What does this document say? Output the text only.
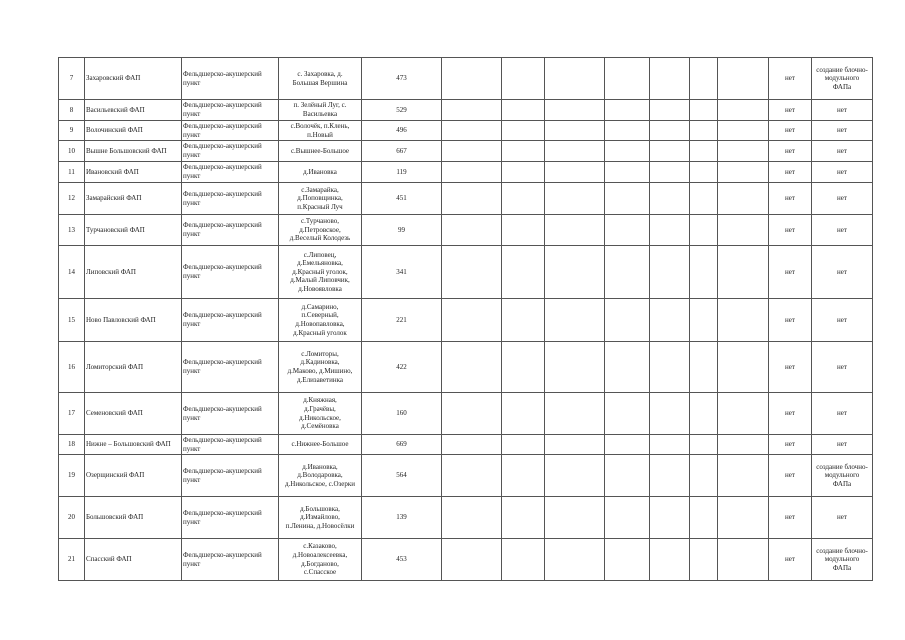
7	Захаровский ФАП	Фельдшерско-акушерский пункт	с. Захаровка, д.
Большая Вершина	473								нет	создание блочно-
модульного
ФАПа

8	Васильевский ФАП	Фельдшерско-акушерский пункт	п. Зелёный Луг, с.
Васильевка	529								нет	нет

9	Волочинский ФАП	Фельдшерско-акушерский пункт	с.Волочёк, п.Клень,
п.Новый	496								нет	нет

10	Вышне Большовский ФАП	Фельдшерско-акушерский пункт	с.Вышнее-Большое	667								нет	нет

11	Ивановский ФАП	Фельдшерско-акушерский пункт	д.Ивановка	119								нет	нет

12	Замарайский ФАП	Фельдшерско-акушерский пункт	с.Замарайка,
д.Поповщинка,
п.Красный Луч	451								нет	нет

13	Турчановский ФАП	Фельдшерско-акушерский пункт	с.Турчаново,
д.Петровское,
д.Веселый Колодезь	99								нет	нет

14	Липовский ФАП	Фельдшерско-акушерский пункт	с.Липовец,
д.Емельяновка,
д.Красный уголок,
д.Малый Липовчик,
д.Новоявловка	341								нет	нет

15	Ново Павловский ФАП	Фельдшерско-акушерский пункт	д.Самарино,
п.Северный,
д.Новопавловка,
д.Красный уголок	221								нет	нет

16	Ломиторский ФАП	Фельдшерско-акушерский пункт	с.Ломиторы,
д.Кадиновка,
д.Маково, д.Мишино,
д.Елизаветинка	422								нет	нет

17	Семеновский ФАП	Фельдшерско-акушерский пункт	д.Княжная,
д.Грачёвы,
д.Никольское,
д.Семёновка	160								нет	нет

18	Нижне – Большовский ФАП	Фельдшерско-акушерский пункт	с.Нижнее-Большое	669								нет	нет

19	Озерщинский ФАП	Фельдшерско-акушерский пункт	д.Ивановка,
д.Володаровка,
д.Никольское, с.Озерки	564								нет	создание блочно-
модульного
ФАПа

20	Большовский ФАП	Фельдшерско-акушерский пункт	д.Большовка,
д.Измайлово,
п.Ленина, д.Новосёлки	139								нет	нет

21	Спасский ФАП	Фельдшерско-акушерский пункт	с.Казаково,
д.Новоалексеевка,
д.Богданово,
с.Спасское	453								нет	создание блочно-
модульного
ФАПа
